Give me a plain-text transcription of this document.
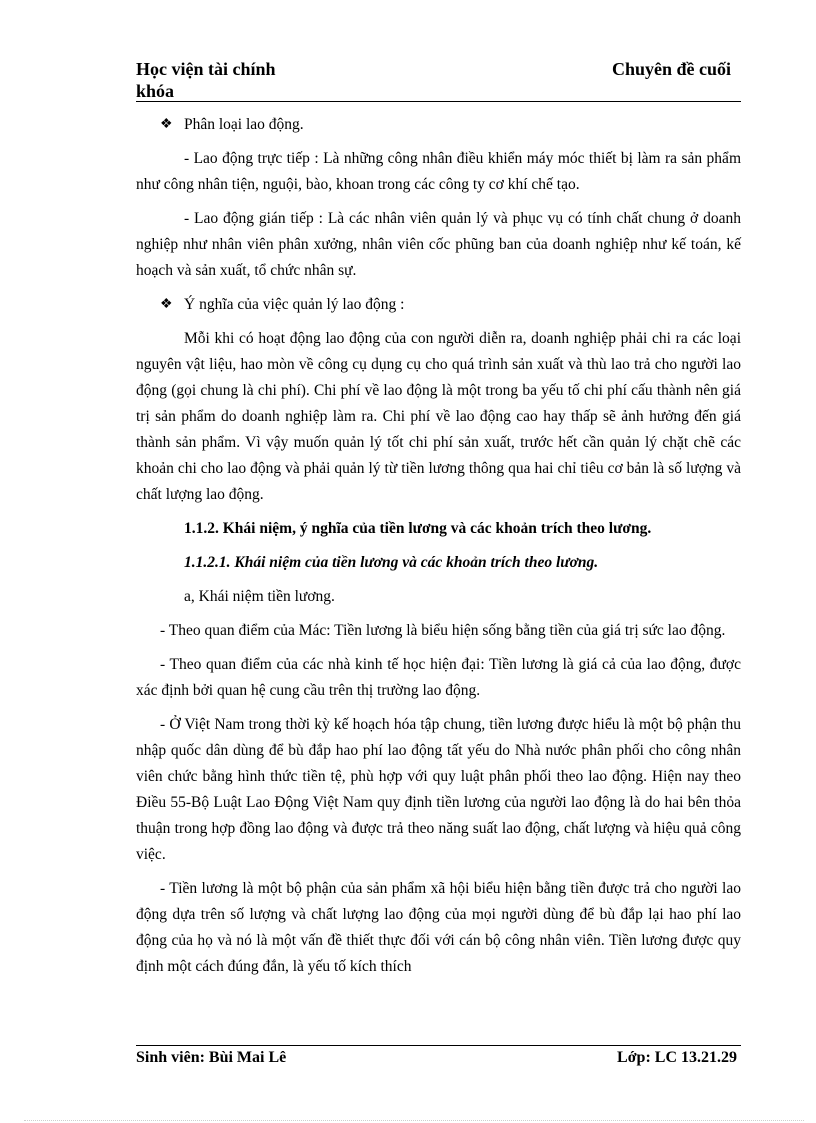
Học viện tài chính	Chuyên đề cuối
khóa
❖ Phân loại lao động.

- Lao động trực tiếp : Là những công nhân điều khiển máy móc thiết bị làm ra sản phẩm như công nhân tiện, nguội, bào, khoan trong các công ty cơ khí chế tạo.

- Lao động gián tiếp : Là các nhân viên quản lý và phục vụ có tính chất chung ở doanh nghiệp như nhân viên phân xưởng, nhân viên cốc phũng ban của doanh nghiệp như kế toán, kế hoạch và sản xuất, tổ chức nhân sự.

❖ Ý nghĩa của việc quản lý lao động :

Mỗi khi có hoạt động lao động của con người diễn ra, doanh nghiệp phải chi ra các loại nguyên vật liệu, hao mòn về công cụ dụng cụ cho quá trình sản xuất và thù lao trả cho người lao động (gọi chung là chi phí). Chi phí về lao động là một trong ba yếu tố chi phí cấu thành nên giá trị sản phẩm do doanh nghiệp làm ra. Chi phí về lao động cao hay thấp sẽ ảnh hưởng đến giá thành sản phẩm. Vì vậy muốn quản lý tốt chi phí sản xuất, trước hết cần quản lý chặt chẽ các khoản chi cho lao động và phải quản lý từ tiền lương thông qua hai chỉ tiêu cơ bản là số lượng và chất lượng lao động.

1.1.2. Khái niệm, ý nghĩa của tiền lương và các khoản trích theo lương.

1.1.2.1. Khái niệm của tiền lương và các khoản trích theo lương.

a, Khái niệm tiền lương.

- Theo quan điểm của Mác: Tiền lương là biểu hiện sống bằng tiền của giá trị sức lao động.

- Theo quan điểm của các nhà kinh tế học hiện đại: Tiền lương là giá cả của lao động, được xác định bởi quan hệ cung cầu trên thị trường lao động.

- Ở Việt Nam trong thời kỳ kế hoạch hóa tập chung, tiền lương được hiểu là một bộ phận thu nhập quốc dân dùng để bù đắp hao phí lao động tất yếu do Nhà nước phân phối cho công nhân viên chức bằng hình thức tiền tệ, phù hợp với quy luật phân phối theo lao động. Hiện nay theo Điều 55-Bộ Luật Lao Động Việt Nam quy định tiền lương của người lao động là do hai bên thỏa thuận trong hợp đồng lao động và được trả theo năng suất lao động, chất lượng và hiệu quả công việc.

- Tiền lương là một bộ phận của sản phẩm xã hội biểu hiện bằng tiền được trả cho người lao động dựa trên số lượng và chất lượng lao động của mọi người dùng để bù đắp lại hao phí lao động của họ và nó là một vấn đề thiết thực đối với cán bộ công nhân viên. Tiền lương được quy định một cách đúng đắn, là yếu tố kích thích

Sinh viên: Bùi Mai Lê	Lớp: LC 13.21.29
